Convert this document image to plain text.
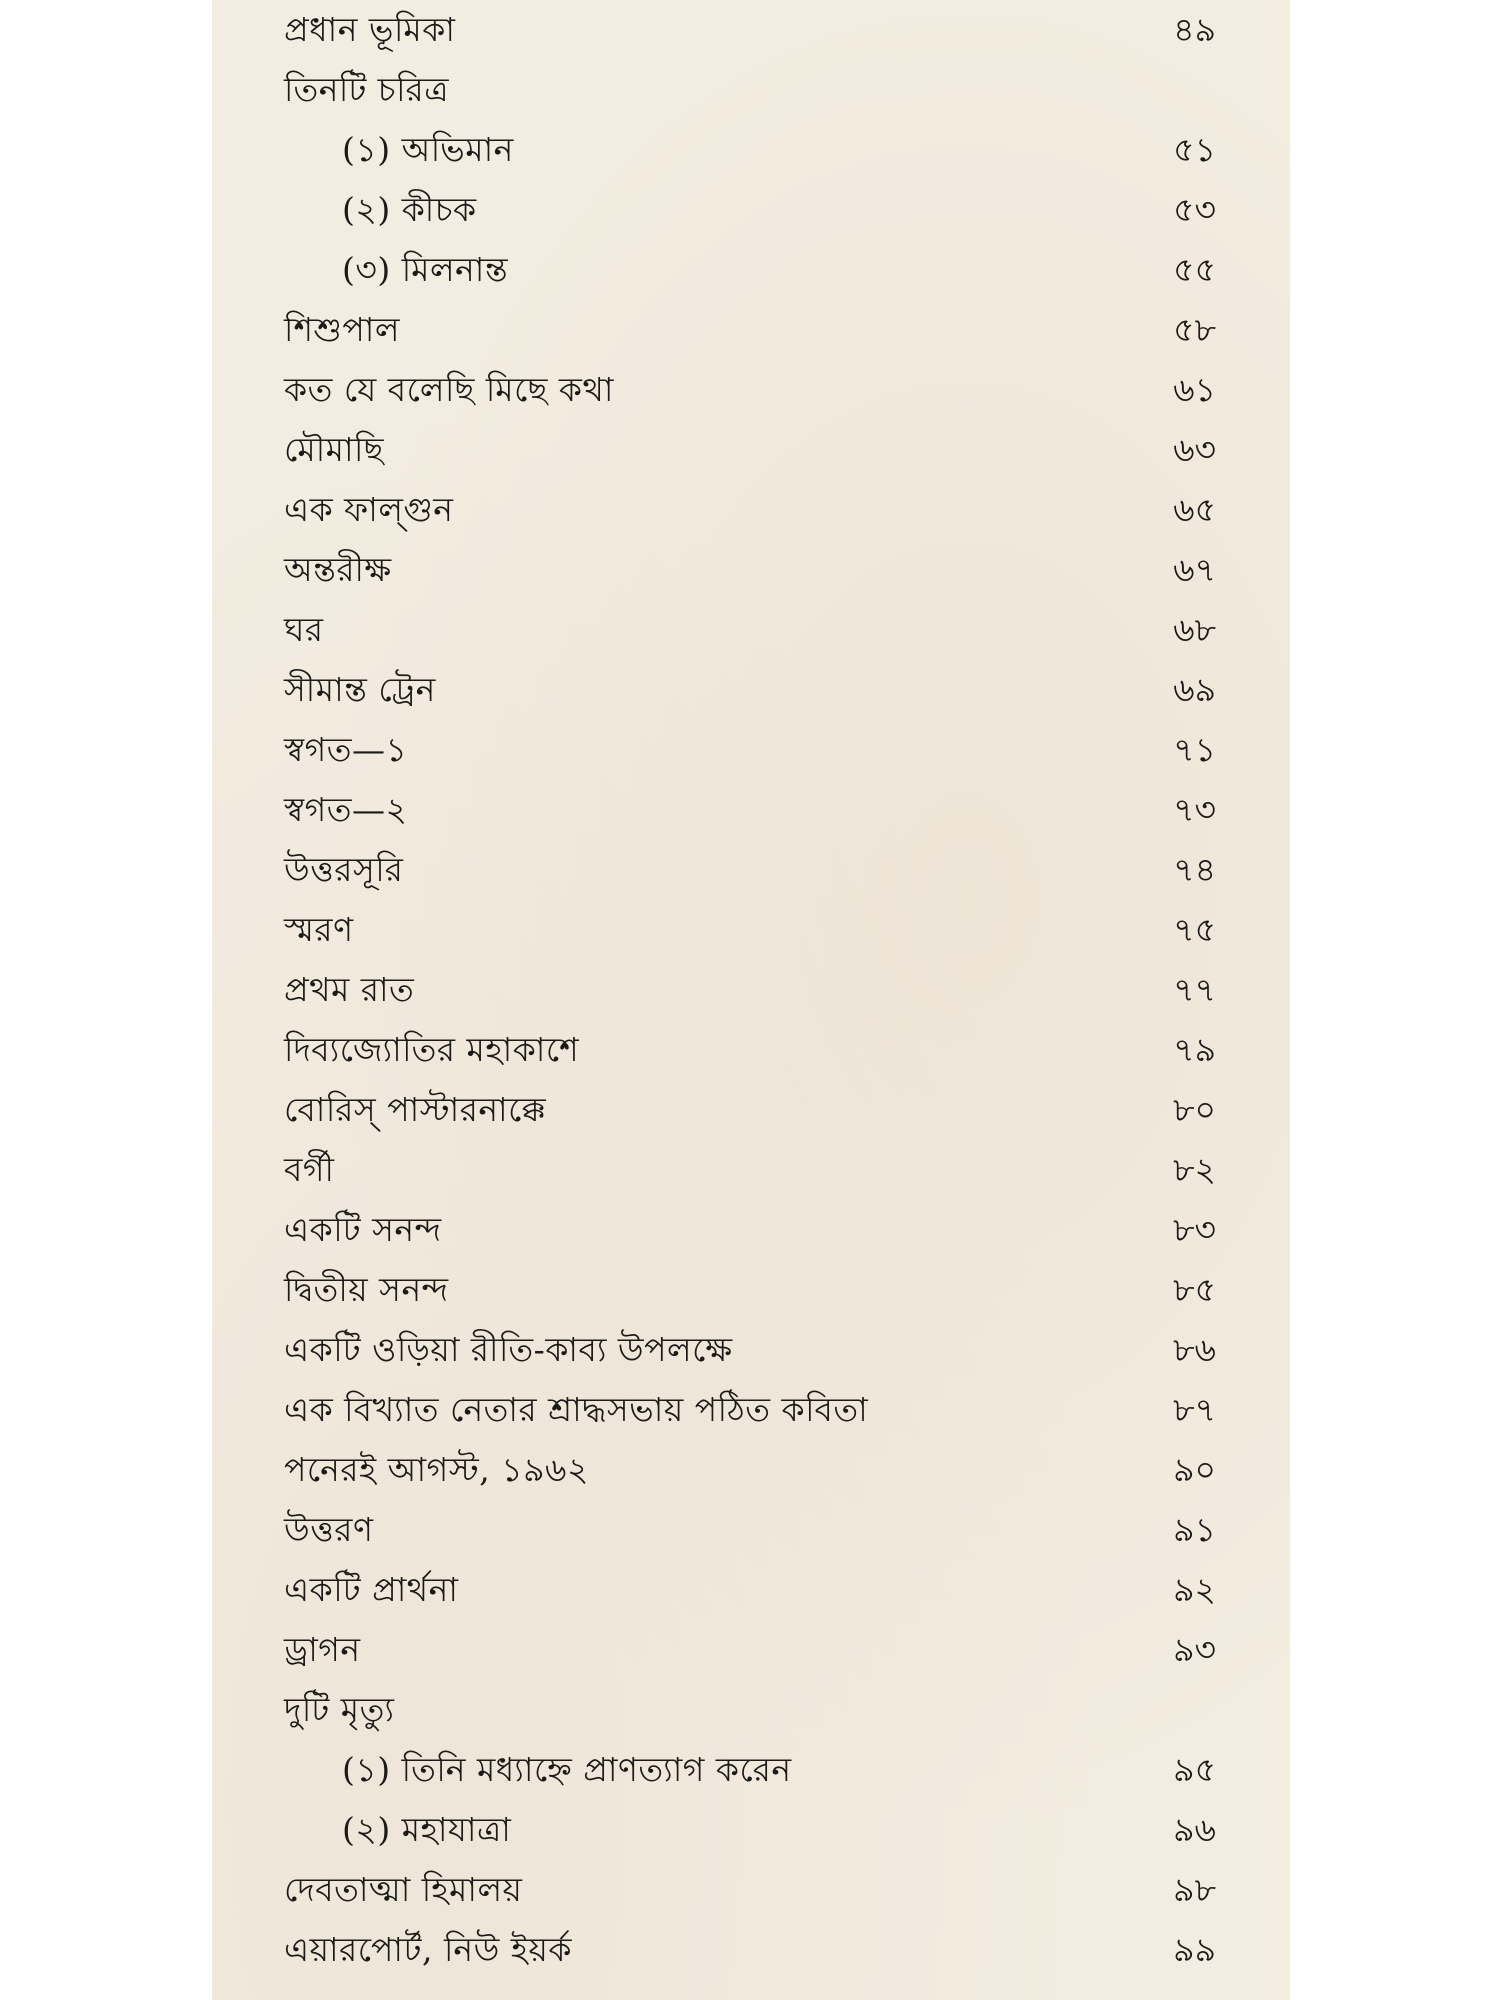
প্রধান ভূমিকা	৪৯
তিনটি চরিত্র
(১) অভিমান	৫১
(২) কীচক	৫৩
(৩) মিলনান্ত	৫৫
শিশুপাল	৫৮
কত যে বলেছি মিছে কথা	৬১
মৌমাছি	৬৩
এক ফাল্গুন	৬৫
অন্তরীক্ষ	৬৭
ঘর	৬৮
সীমান্ত ট্রেন	৬৯
স্বগত—১	৭১
স্বগত—২	৭৩
উত্তরসূরি	৭৪
স্মরণ	৭৫
প্রথম রাত	৭৭
দিব্যজ্যোতির মহাকাশে	৭৯
বোরিস্ পাস্টারনাক্কে	৮০
বর্গী	৮২
একটি সনন্দ	৮৩
দ্বিতীয় সনন্দ	৮৫
একটি ওড়িয়া রীতি-কাব্য উপলক্ষে	৮৬
এক বিখ্যাত নেতার শ্রাদ্ধসভায় পঠিত কবিতা	৮৭
পনেরই আগস্ট, ১৯৬২	৯০
উত্তরণ	৯১
একটি প্রার্থনা	৯২
ড্রাগন	৯৩
দুটি মৃত্যু
(১) তিনি মধ্যাহ্নে প্রাণত্যাগ করেন	৯৫
(২) মহাযাত্রা	৯৬
দেবতাত্মা হিমালয়	৯৮
এয়ারপোর্ট, নিউ ইয়র্ক	৯৯
